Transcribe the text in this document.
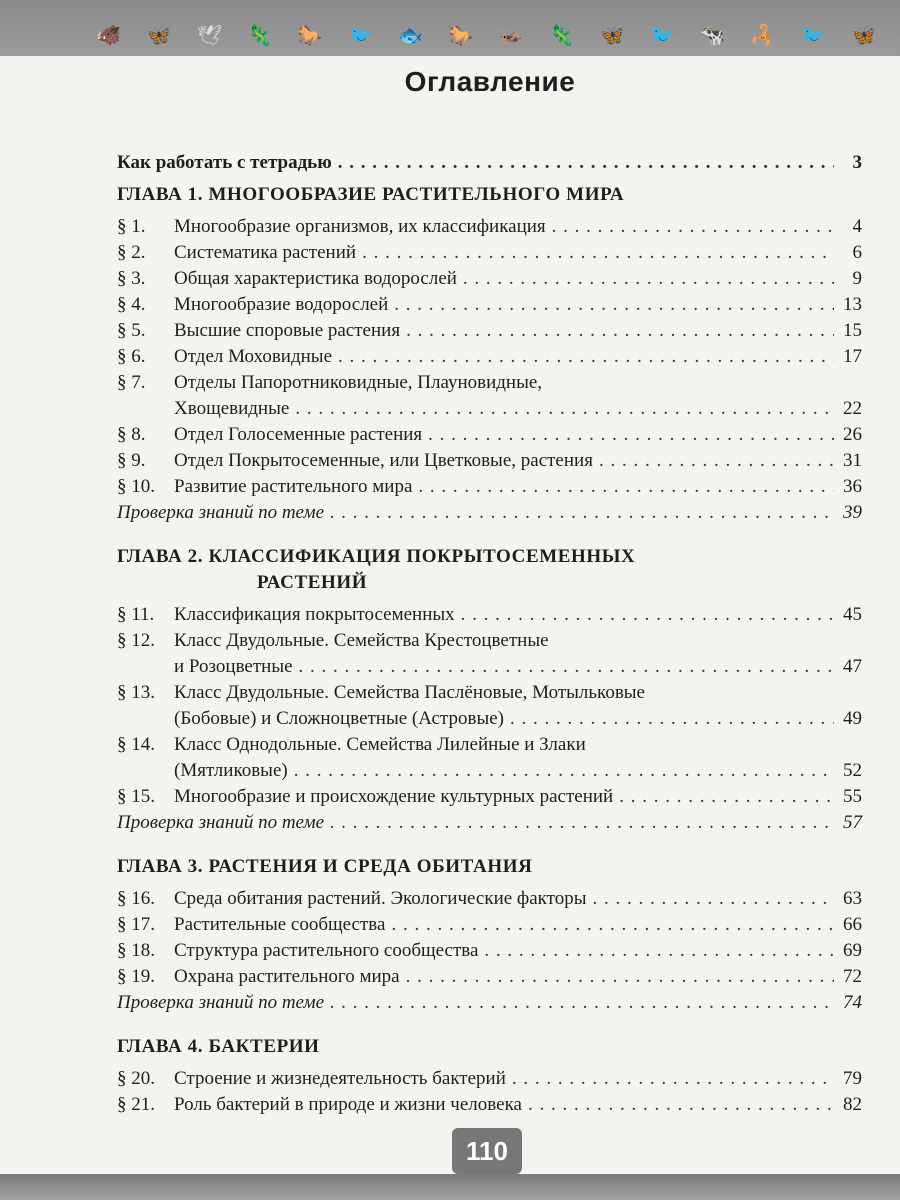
🐗 🦋 🕊 🦎 🐎 🐦 🐟 🐎 🦗 🦎 🦋 🐦 🐄 🦂 🐦 🦋
Оглавление
Как работать с тетрадью . . .	3
ГЛАВА 1. МНОГООБРАЗИЕ РАСТИТЕЛЬНОГО МИРА
§ 1.	Многообразие организмов, их классификация . . .	4
§ 2.	Систематика растений . . .	6
§ 3.	Общая характеристика водорослей . . .	9
§ 4.	Многообразие водорослей . . .	13
§ 5.	Высшие споровые растения . . .	15
§ 6.	Отдел Моховидные . . .	17
§ 7.	Отделы Папоротниковидные, Плауновидные,
Хвощевидные . . .	22
§ 8.	Отдел Голосеменные растения . . .	26
§ 9.	Отдел Покрытосеменные, или Цветковые, растения . . .	31
§ 10.	Развитие растительного мира . . .	36
Проверка знаний по теме . . .	39
ГЛАВА 2. КЛАССИФИКАЦИЯ ПОКРЫТОСЕМЕННЫХ
РАСТЕНИЙ
§ 11.	Классификация покрытосеменных . . .	45
§ 12.	Класс Двудольные. Семейства Крестоцветные
и Розоцветные . . .	47
§ 13.	Класс Двудольные. Семейства Паслёновые, Мотыльковые
(Бобовые) и Сложноцветные (Астровые) . . .	49
§ 14.	Класс Однодольные. Семейства Лилейные и Злаки
(Мятликовые) . . .	52
§ 15.	Многообразие и происхождение культурных растений . . .	55
Проверка знаний по теме . . .	57
ГЛАВА 3. РАСТЕНИЯ И СРЕДА ОБИТАНИЯ
§ 16.	Среда обитания растений. Экологические факторы . . .	63
§ 17.	Растительные сообщества . . .	66
§ 18.	Структура растительного сообщества . . .	69
§ 19.	Охрана растительного мира . . .	72
Проверка знаний по теме . . .	74
ГЛАВА 4. БАКТЕРИИ
§ 20.	Строение и жизнедеятельность бактерий . . .	79
§ 21.	Роль бактерий в природе и жизни человека . . .	82
110
